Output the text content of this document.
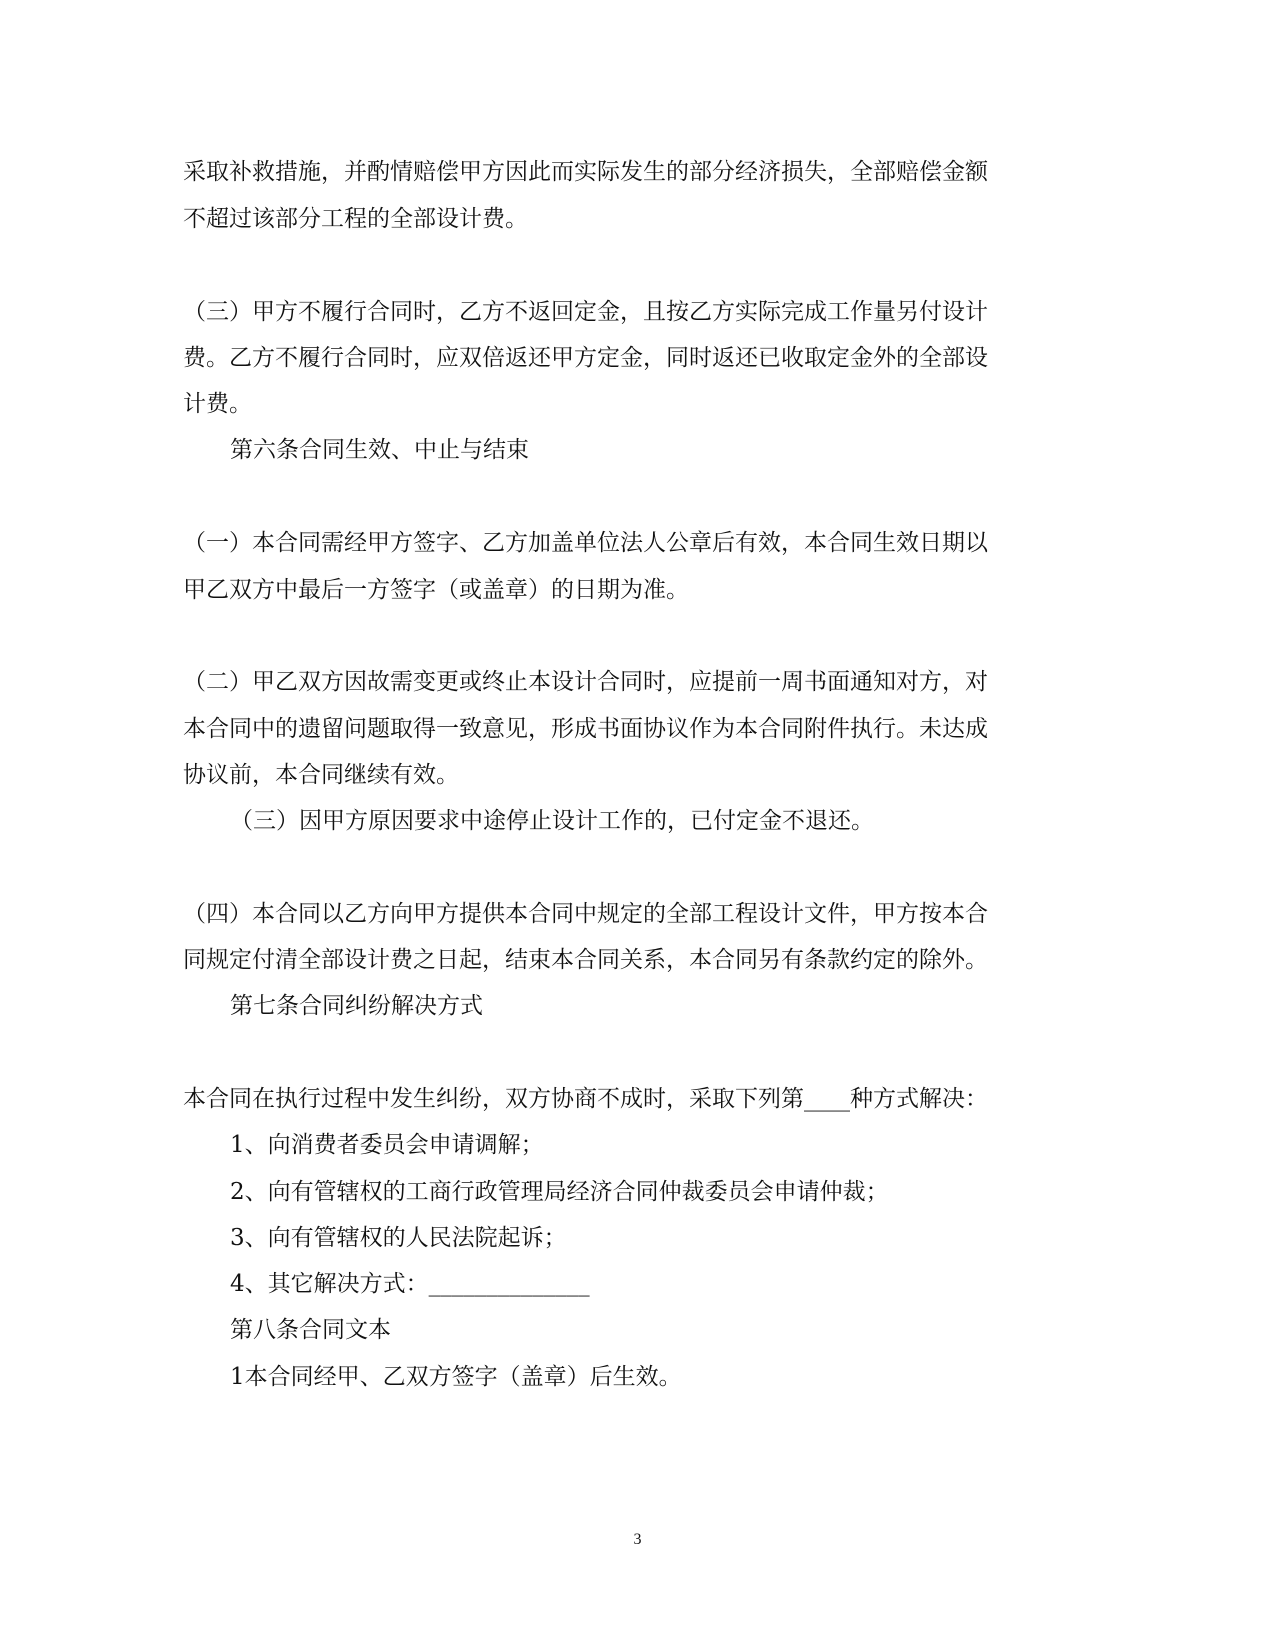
采取补救措施，并酌情赔偿甲方因此而实际发生的部分经济损失，全部赔偿金额
不超过该部分工程的全部设计费。
（三）甲方不履行合同时，乙方不返回定金，且按乙方实际完成工作量另付设计
费。乙方不履行合同时，应双倍返还甲方定金，同时返还已收取定金外的全部设
计费。
第六条合同生效、中止与结束
（一）本合同需经甲方签字、乙方加盖单位法人公章后有效，本合同生效日期以
甲乙双方中最后一方签字（或盖章）的日期为准。
（二）甲乙双方因故需变更或终止本设计合同时，应提前一周书面通知对方，对
本合同中的遗留问题取得一致意见，形成书面协议作为本合同附件执行。未达成
协议前，本合同继续有效。
（三）因甲方原因要求中途停止设计工作的，已付定金不退还。
（四）本合同以乙方向甲方提供本合同中规定的全部工程设计文件，甲方按本合
同规定付清全部设计费之日起，结束本合同关系，本合同另有条款约定的除外。
第七条合同纠纷解决方式
本合同在执行过程中发生纠纷，双方协商不成时，采取下列第____种方式解决：
1、向消费者委员会申请调解；
2、向有管辖权的工商行政管理局经济合同仲裁委员会申请仲裁；
3、向有管辖权的人民法院起诉；
4、其它解决方式：______________
第八条合同文本
1本合同经甲、乙双方签字（盖章）后生效。
3
